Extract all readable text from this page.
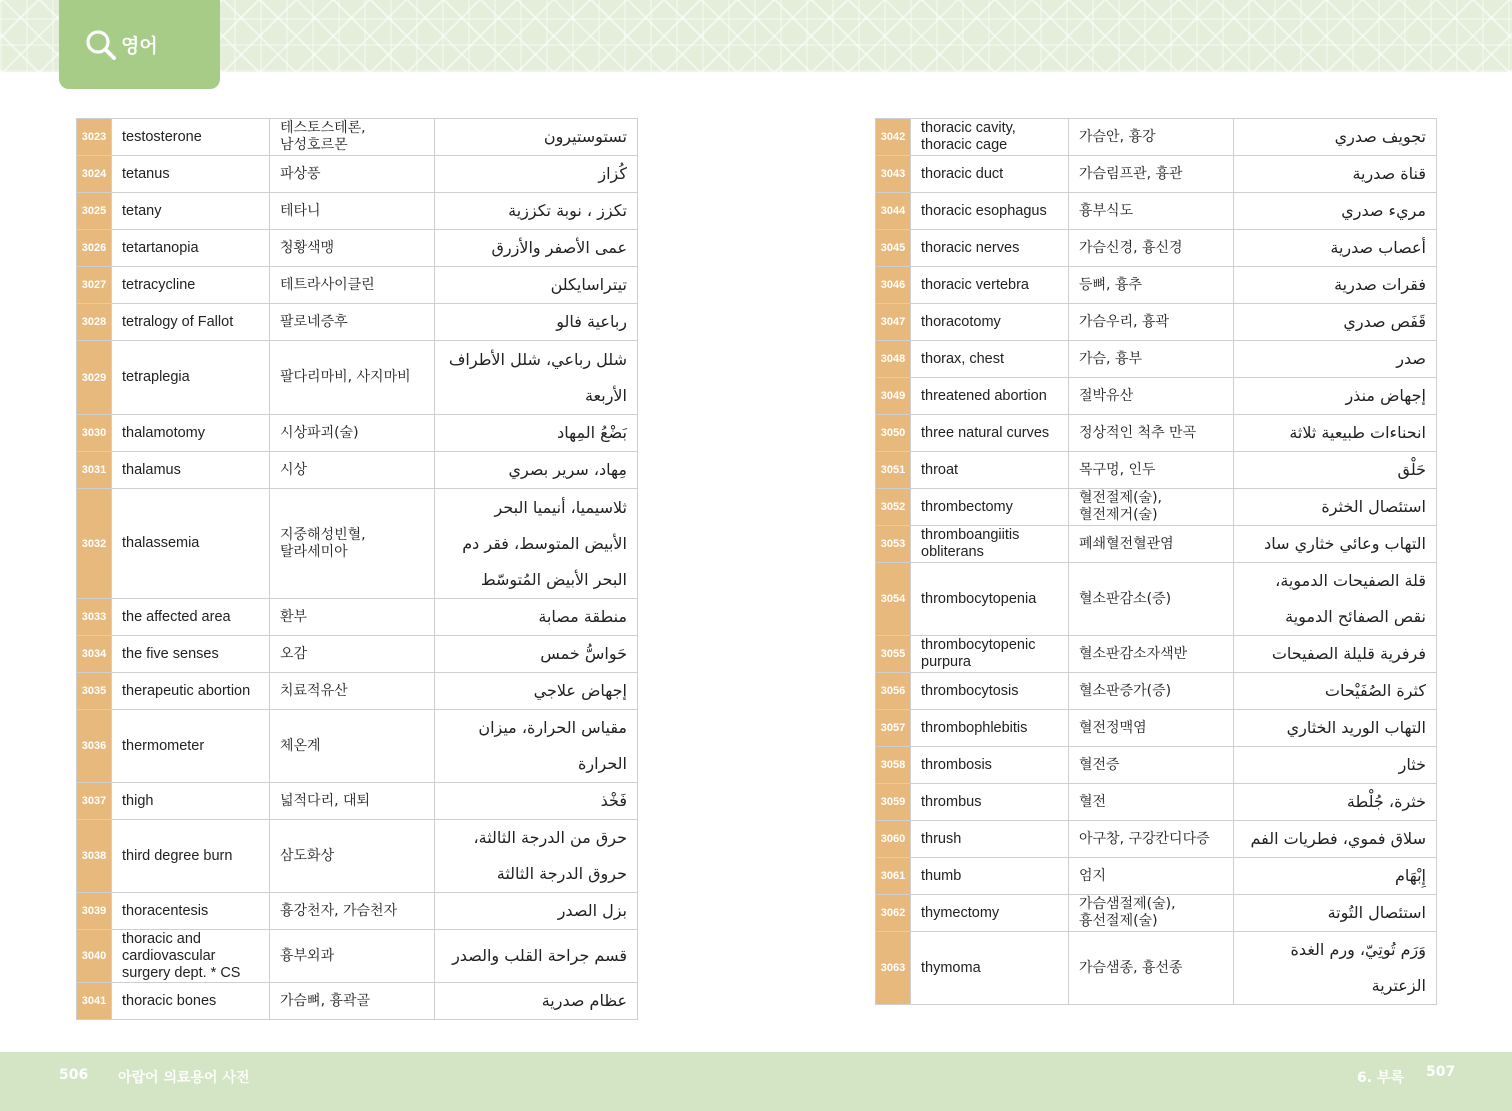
영어
3023	testosterone	테스토스테론,
남성호르몬	تستوستيرون
3024	tetanus	파상풍	كُزاز
3025	tetany	테타니	تكزز ، نوبة تكززية
3026	tetartanopia	청황색맹	عمى الأصفر والأزرق
3027	tetracycline	테트라사이클린	تيتراسايكلن
3028	tetralogy of Fallot	팔로네증후	رباعية فالو
3029	tetraplegia	팔다리마비, 사지마비	شلل رباعي، شلل الأطراف
الأربعة
3030	thalamotomy	시상파괴(술)	بَضْعُ المِهاد
3031	thalamus	시상	مِهاد، سرير بصري
3032	thalassemia	지중해성빈혈,
탈라세미아	ثلاسيميا، أنيميا البحر
الأبيض المتوسط، فقر دم
البحر الأبيض المُتوسّط
3033	the affected area	환부	منطقة مصابة
3034	the five senses	오감	حَواسُّ خمس
3035	therapeutic abortion	치료적유산	إجهاض علاجي
3036	thermometer	체온계	مقياس الحرارة، ميزان الحرارة
3037	thigh	넓적다리, 대퇴	فَخْذ
3038	third degree burn	삼도화상	حرق من الدرجة الثالثة،
حروق الدرجة الثالثة
3039	thoracentesis	흉강천자, 가슴천자	بزل الصدر
3040	thoracic and
cardiovascular
surgery dept. * CS	흉부외과	قسم جراحة القلب والصدر
3041	thoracic bones	가슴뼈, 흉곽골	عظام صدرية
3042	thoracic cavity,
thoracic cage	가슴안, 흉강	تجويف صدري
3043	thoracic duct	가슴림프관, 흉관	قناة صدرية
3044	thoracic esophagus	흉부식도	مريء صدري
3045	thoracic nerves	가슴신경, 흉신경	أعصاب صدرية
3046	thoracic vertebra	등뼈, 흉추	فقرات صدرية
3047	thoracotomy	가슴우리, 흉곽	قَفَص صدري
3048	thorax, chest	가슴, 흉부	صدر
3049	threatened abortion	절박유산	إجهاض منذر
3050	three natural curves	정상적인 척추 만곡	انحناءات طبيعية ثلاثة
3051	throat	목구멍, 인두	حَلْق
3052	thrombectomy	혈전절제(술),
혈전제거(술)	استئصال الخثرة
3053	thromboangiitis
obliterans	폐쇄혈전혈관염	التهاب وعائي خثاري ساد
3054	thrombocytopenia	혈소판감소(증)	قلة الصفيحات الدموية،
نقص الصفائح الدموية
3055	thrombocytopenic
purpura	혈소판감소자색반	فرفرية قليلة الصفيحات
3056	thrombocytosis	혈소판증가(증)	كثرة الصُفَيْحات
3057	thrombophlebitis	혈전정맥염	التهاب الوريد الخثاري
3058	thrombosis	혈전증	خثار
3059	thrombus	혈전	خثرة، جُلْطة
3060	thrush	아구창, 구강칸디다증	سلاق فموي، فطريات الفم
3061	thumb	엄지	إِبْهَام
3062	thymectomy	가슴샘절제(술),
흉선절제(술)	استئصال التُوتة
3063	thymoma	가슴샘종, 흉선종	وَرَم تُوتِيّ، ورم الغدة الزعترية
506 아랍어 의료용어 사전	6. 부록 507
